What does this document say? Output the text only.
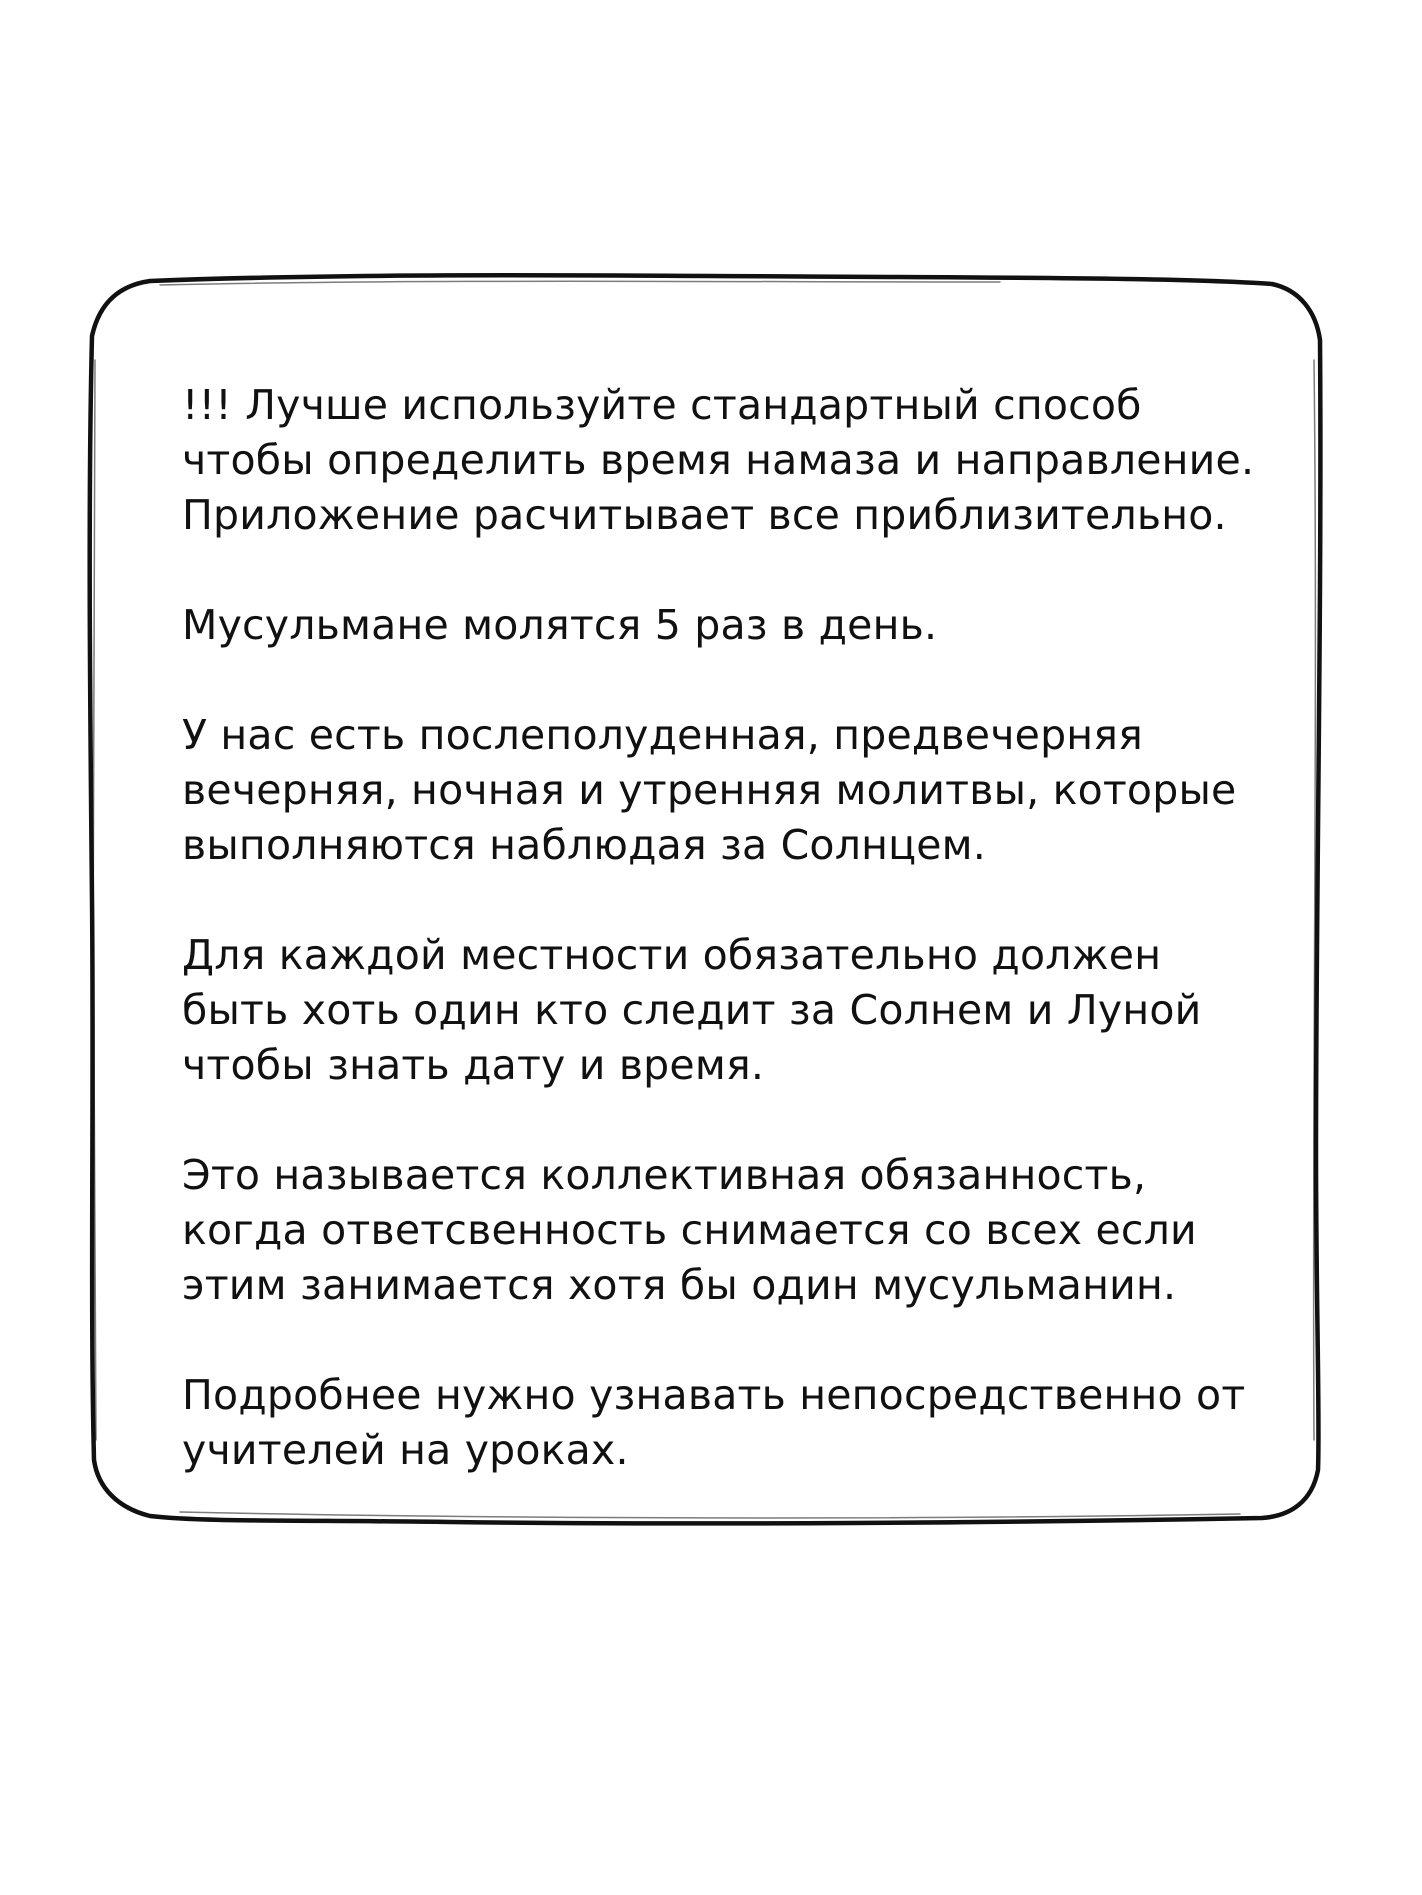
!!! Лучше используйте стандартный способ
чтобы определить время намаза и направление.
Приложение расчитывает все приблизительно.

Мусульмане молятся 5 раз в день.

У нас есть послеполуденная, предвечерняя
вечерняя, ночная и утренняя молитвы, которые
выполняются наблюдая за Солнцем.

Для каждой местности обязательно должен
быть хоть один кто следит за Солнем и Луной
чтобы знать дату и время.

Это называется коллективная обязанность,
когда ответсвенность снимается со всех если
этим занимается хотя бы один мусульманин.

Подробнее нужно узнавать непосредственно от
учителей на уроках.
